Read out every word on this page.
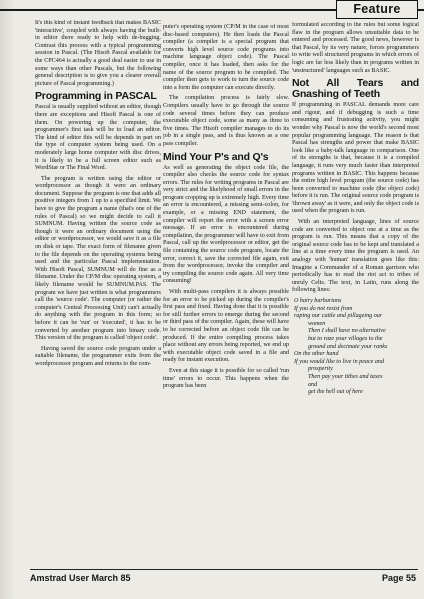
Feature

It's this kind of instant feedback that makes BASIC 'interactive', coupled with always having the built-in editor there ready to help with de-bugging. Contrast this process with a typical programming session in Pascal. (The Hisoft Pascal available for the CPC464 is actually a good deal easier to use in some ways than other Pascals, but the following general description is to give you a clearer overall picture of Pascal programming.)

Programming in PASCAL

Pascal is usually supplied without an editor, though there are exceptions and Hisoft Pascal is one of them. On powering up the computer, the programmer's first task will be to load an editor. The kind of editor this will be depends in part on the type of computer system being used. On a moderately large home computer with disc drives, it is likely to be a full screen editor such as WordStar or The Final Word.

The program is written using the editor or wordprocessor as though it were an ordinary document. Suppose the program is one that adds all positive integers from 1 up to a specified limit. We have to give the program a name (that's one of the rules of Pascal) so we might decide to call it SUMNUM. Having written the source code as though it were an ordinary document using the editor or wordprocessor, we would save it as a file on disk or tape. The exact form of filename given to the file depends on the operating systems being used and the particular Pascal implementation. With Hisoft Pascal, SUMNUM will do fine as a filename. Under the CP/M disc operating system, a likely filename would be SUMNUM.PAS. The program we have just written is what programmers call the 'source code'. The computer (or rather the computer's Central Processing Unit) can't actually do anything with the program in this form; so before it can be 'run' or 'executed', it has to be converted by another program into binary code. This version of the program is called 'object code'.

Having saved the source code program under a suitable filename, the programmer exits from the wordprocessor program and returns to the com-

puter's operating system (CP/M in the case of most disc-based computers). He then loads the Pascal compiler (a compiler is a special program that converts high level source code programs into machine language object code). The Pascal compiler, once it has loaded, then asks for the name of the source program to be compiled. The compiler then gets to work to turn the source code into a form the computer can execute directly.

The compilation process is fairly slow. Compilers usually have to go through the source code several times before they can produce executable object code, some as many as three to five times. The Hisoft compiler manages to do its job in a single pass, and is thus known as a one pass compiler.

Mind Your P's and Q's

As well as generating the object code file, the compiler also checks the source code for syntax errors. The rules for writing programs in Pascal are very strict and the likelyhood of small errors in the program cropping up is extremely high. Every time an error is encountered, a missing semi-colon, for example, or a missing END statement, the compiler will report the error with a screen error message. If an error is encountered during compilation, the programmer will have to exit from Pascal, call up the wordprocessor or editor, get the file containing the source code program, locate the error, correct it, save the corrected file again, exit from the wordprocessor, invoke the compiler and try compiling the source code again. All very time consuming!

With multi-pass compilers it is always possible for an error to be picked up during the compiler's first pass and fixed. Having done that it is possible for still further errors to emerge during the second or third pass of the compiler. Again, these will have to be corrected before an object code file can be produced. If the entire compiling process takes place without any errors being reported, we end up with executable object code saved in a file and ready for instant execution.

Even at this stage it is possible for so called 'run time' errors to occur. This happens when the program has been

formulated according to the rules but some logical flaw in the program allows unsuitable data to be entered and processed. The good news, however is that Pascal, by its very nature, forces programmers to write well structured programs in which errors of logic are far less likely than in programs written in 'unstructured' languages such as BASIC.

Not All Tears and Gnashing of Teeth

If programming in PASCAL demands more care and rigour, and if debugging is such a time consuming and frustrating activity, you might wonder why Pascal is now the world's second most popular programming language. The reason is that Pascal has strengths and power that make BASIC look like a baby-talk language in comparison. One of its strengths is that, because it is a compiled language, it runs very much faster than interpreted programs written in BASIC. This happens because the entire high level program (the source code) has been converted to machine code (the object code) before it is run. The original source code program is 'thrown away' as it were, and only the object code is used when the program is run.

With an interpreted language, lines of source code are converted to object one at a time as the program is run. This means that a copy of the original source code has to be kept and translated a line at a time every time the program is used. An analogy with 'human' translation goes like this: Imagine a Commander of a Roman garrison who periodically has to read the riot act to tribes of unruly Celts. The text, in Latin, runs along the following lines:

O hairy barbarians
If you do not resist from
raping our cattle and pillageing our
women
Then I shall have no alternative
but to raze your villages to the
ground and decimate your ranks
On the other hand
If you would like to live in peace and
prosperity
Then pay your tithes and taxes
and
get the hell out of here
Amstrad User March 85	Page 55
